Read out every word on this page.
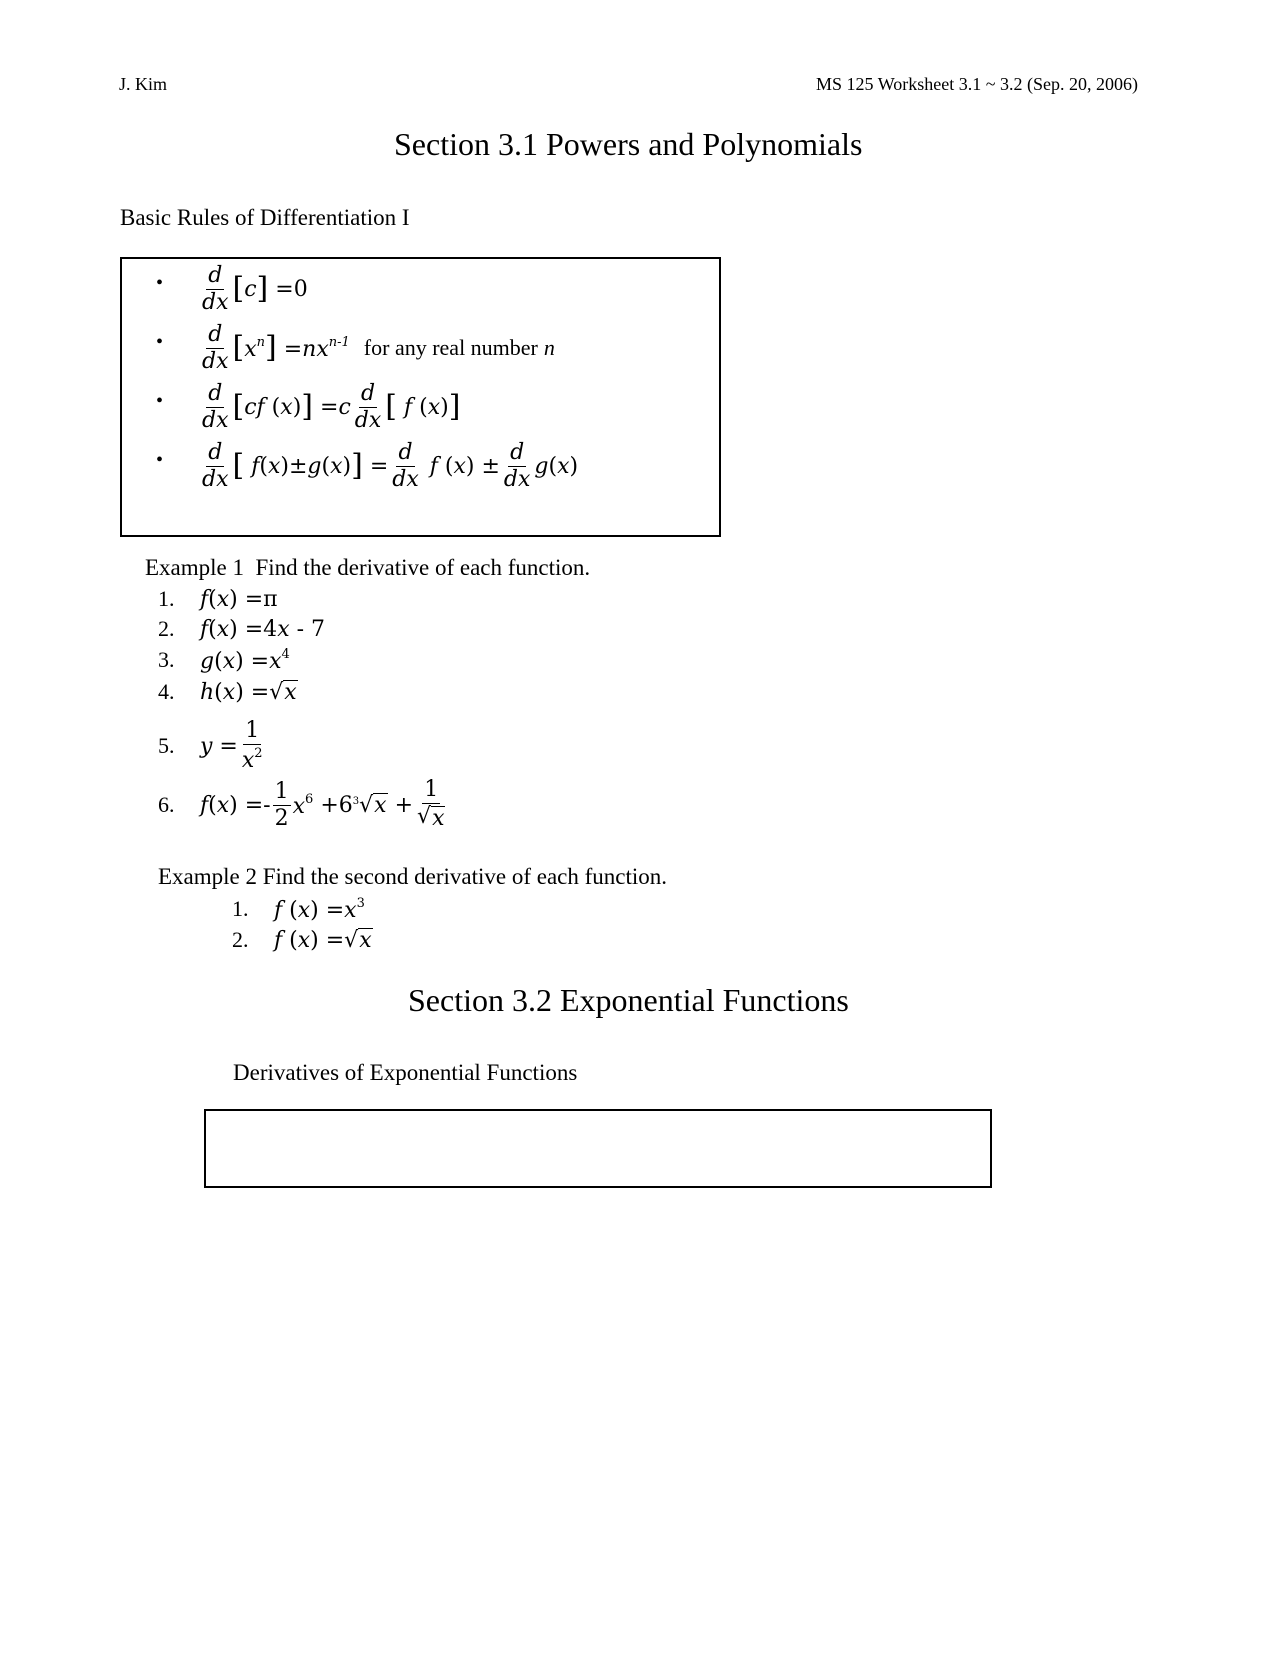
J. Kim	MS 125 Worksheet 3.1 ~ 3.2 (Sep. 20, 2006)
Section 3.1 Powers and Polynomials
Basic Rules of Differentiation I
• $\frac{d}{dx}$ [ c ] =0
• $\frac{d}{dx}$ [ $x^n$ ] $=nx^{n-1}$ for any real number n
• $\frac{d}{dx}$ [ cf (x) ] = c $\frac{d}{dx}$ [ f (x) ]
• $\frac{d}{dx}$ [ f(x)±g(x) ] = $\frac{d}{dx}$ f $(x) \pm \frac{d}{dx} g(x)$
Example 1 Find the derivative of each function.
1.	f(x) =π
2.	f(x) =4x - 7
3.	$g(x) =x^4$
4.	h(x) = √ x
5.	$y = \frac{1}{x^2}$
6.	$f(x) =- \frac{1}{2} x^6 +6$ $^3$√ $x + \frac{1}{√ x}$
Example 2 Find the second derivative of each function.
1.	f $(x) =x^3$
2.	f (x) = √ x
Section 3.2 Exponential Functions
Derivatives of Exponential Functions
